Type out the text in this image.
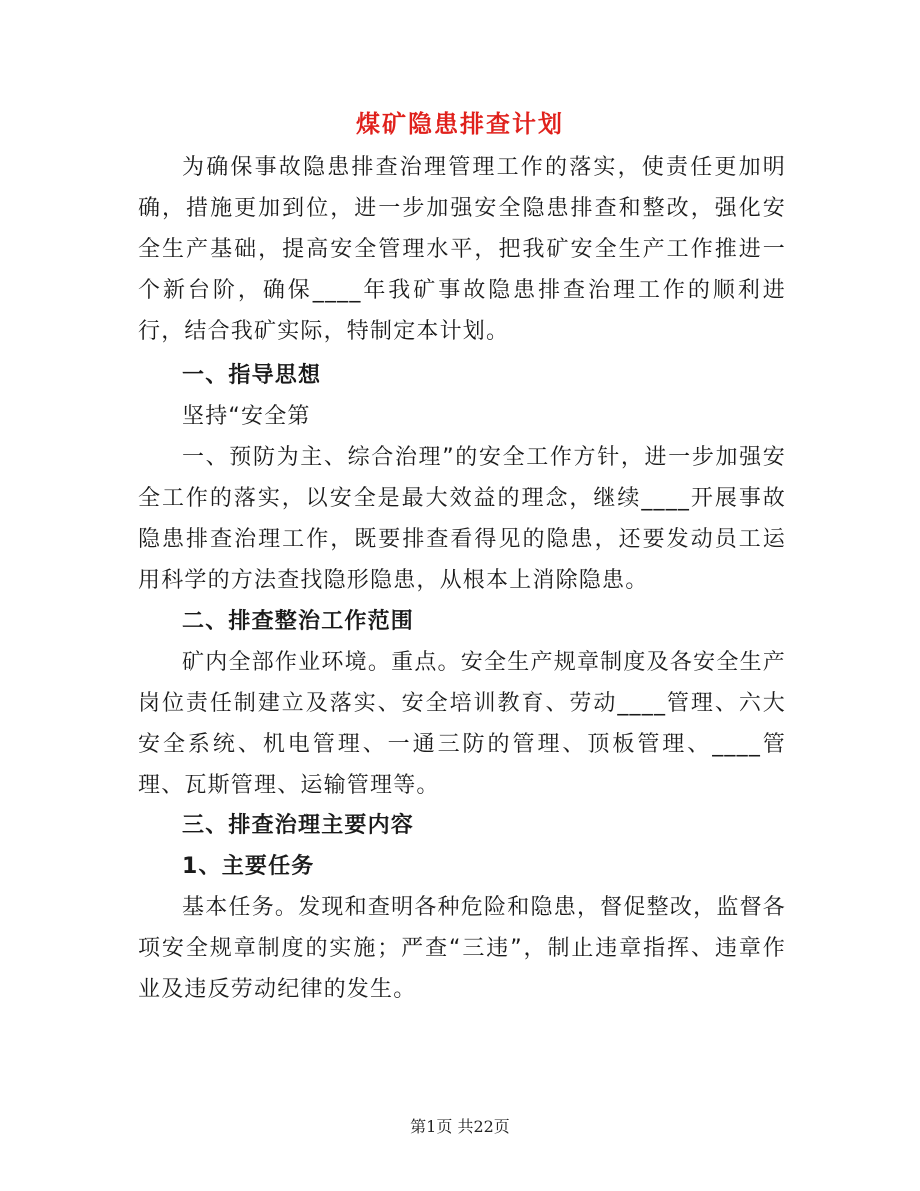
煤矿隐患排查计划

为确保事故隐患排查治理管理工作的落实，使责任更加明确，措施更加到位，进一步加强安全隐患排查和整改，强化安全生产基础，提高安全管理水平，把我矿安全生产工作推进一个新台阶，确保____年我矿事故隐患排查治理工作的顺利进行，结合我矿实际，特制定本计划。

一、指导思想

坚持“安全第

一、预防为主、综合治理”的安全工作方针，进一步加强安全工作的落实，以安全是最大效益的理念，继续____开展事故隐患排查治理工作，既要排查看得见的隐患，还要发动员工运用科学的方法查找隐形隐患，从根本上消除隐患。

二、排查整治工作范围

矿内全部作业环境。重点。安全生产规章制度及各安全生产岗位责任制建立及落实、安全培训教育、劳动____管理、六大安全系统、机电管理、一通三防的管理、顶板管理、____管理、瓦斯管理、运输管理等。

三、排查治理主要内容

1、主要任务

基本任务。发现和查明各种危险和隐患，督促整改，监督各项安全规章制度的实施；严查“三违”，制止违章指挥、违章作业及违反劳动纪律的发生。

第1页 共22页
